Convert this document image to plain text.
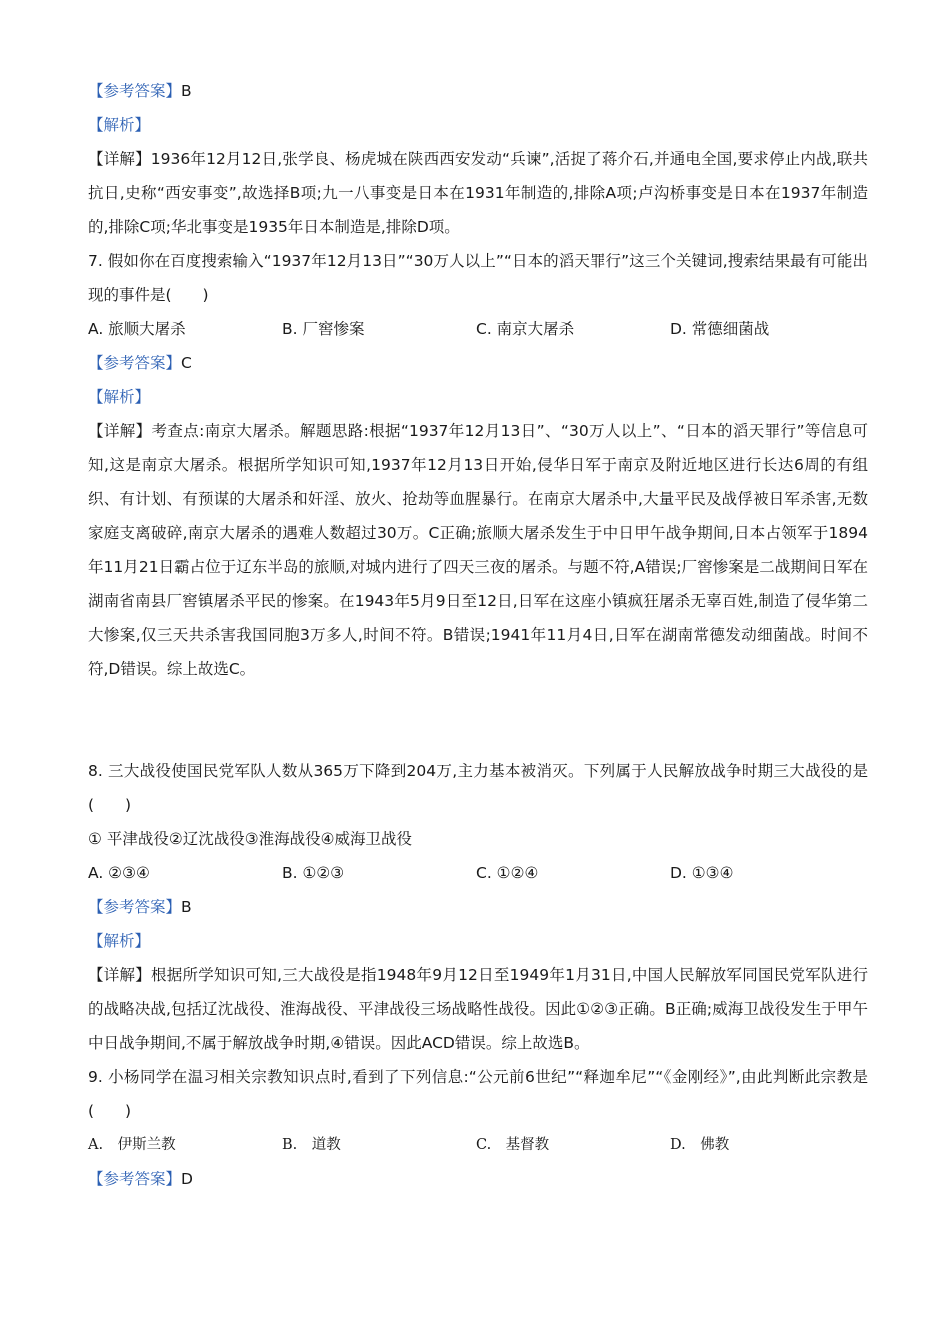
【参考答案】B
【解析】

【详解】1936年12月12日,张学良、杨虎城在陕西西安发动“兵谏”,活捉了蒋介石,并通电全国,要求停止内战,联共抗日,史称“西安事变”,故选择B项;九一八事变是日本在1931年制造的,排除A项;卢沟桥事变是日本在1937年制造的,排除C项;华北事变是1935年日本制造是,排除D项。

7. 假如你在百度搜索输入“1937年12月13日”“30万人以上”“日本的滔天罪行”这三个关键词,搜索结果最有可能出现的事件是(　　)

A. 旅顺大屠杀	B. 厂窖惨案	C. 南京大屠杀	D. 常德细菌战
【参考答案】C
【解析】

【详解】考查点:南京大屠杀。解题思路:根据“1937年12月13日”、“30万人以上”、“日本的滔天罪行”等信息可知,这是南京大屠杀。根据所学知识可知,1937年12月13日开始,侵华日军于南京及附近地区进行长达6周的有组织、有计划、有预谋的大屠杀和奸淫、放火、抢劫等血腥暴行。在南京大屠杀中,大量平民及战俘被日军杀害,无数家庭支离破碎,南京大屠杀的遇难人数超过30万。C正确;旅顺大屠杀发生于中日甲午战争期间,日本占领军于1894年11月21日霸占位于辽东半岛的旅顺,对城内进行了四天三夜的屠杀。与题不符,A错误;厂窖惨案是二战期间日军在湖南省南县厂窖镇屠杀平民的惨案。在1943年5月9日至12日,日军在这座小镇疯狂屠杀无辜百姓,制造了侵华第二大惨案,仅三天共杀害我国同胞3万多人,时间不符。B错误;1941年11月4日,日军在湖南常德发动细菌战。时间不符,D错误。综上故选C。

8. 三大战役使国民党军队人数从365万下降到204万,主力基本被消灭。下列属于人民解放战争时期三大战役的是(　　)

① 平津战役②辽沈战役③淮海战役④威海卫战役
A. ②③④	B. ①②③	C. ①②④	D. ①③④
【参考答案】B
【解析】

【详解】根据所学知识可知,三大战役是指1948年9月12日至1949年1月31日,中国人民解放军同国民党军队进行的战略决战,包括辽沈战役、淮海战役、平津战役三场战略性战役。因此①②③正确。B正确;威海卫战役发生于甲午中日战争期间,不属于解放战争时期,④错误。因此ACD错误。综上故选B。

9. 小杨同学在温习相关宗教知识点时,看到了下列信息:“公元前6世纪”“释迦牟尼”“《金刚经》”,由此判断此宗教是(　　)

A.　伊斯兰教	B.　道教	C.　基督教	D.　佛教
【参考答案】D
